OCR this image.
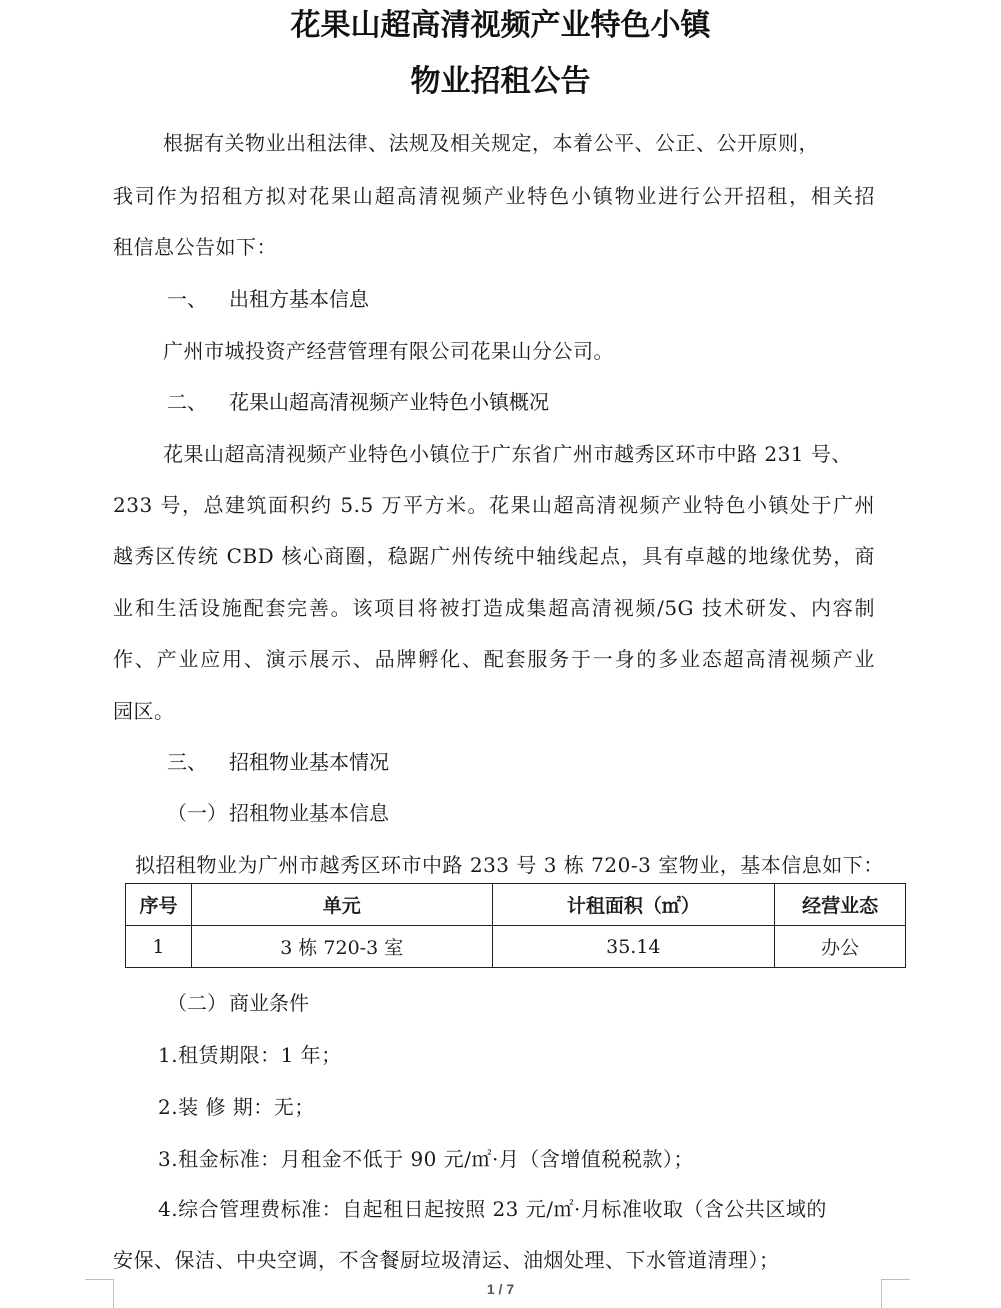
花果山超高清视频产业特色小镇
物业招租公告
根据有关物业出租法律、法规及相关规定，本着公平、公正、公开原则，
我司作为招租方拟对花果山超高清视频产业特色小镇物业进行公开招租，相关招
租信息公告如下：
一、 出租方基本信息
广州市城投资产经营管理有限公司花果山分公司。
二、 花果山超高清视频产业特色小镇概况
花果山超高清视频产业特色小镇位于广东省广州市越秀区环市中路 231 号、
233 号，总建筑面积约 5.5 万平方米。花果山超高清视频产业特色小镇处于广州
越秀区传统 CBD 核心商圈，稳踞广州传统中轴线起点，具有卓越的地缘优势，商
业和生活设施配套完善。该项目将被打造成集超高清视频/5G 技术研发、内容制
作、产业应用、演示展示、品牌孵化、配套服务于一身的多业态超高清视频产业
园区。
三、 招租物业基本情况
（一） 招租物业基本信息
拟招租物业为广州市越秀区环市中路 233 号 3 栋 720-3 室物业，基本信息如下：
序号	单元	计租面积（㎡）	经营业态
1	3 栋 720-3 室	35.14	办公
（二） 商业条件
1.租赁期限：1 年；
2.装 修 期：无；
3.租金标准：月租金不低于 90 元/㎡·月（含增值税税款）；
4.综合管理费标准：自起租日起按照 23 元/㎡·月标准收取（含公共区域的
安保、保洁、中央空调，不含餐厨垃圾清运、油烟处理、下水管道清理）；
1 / 7
